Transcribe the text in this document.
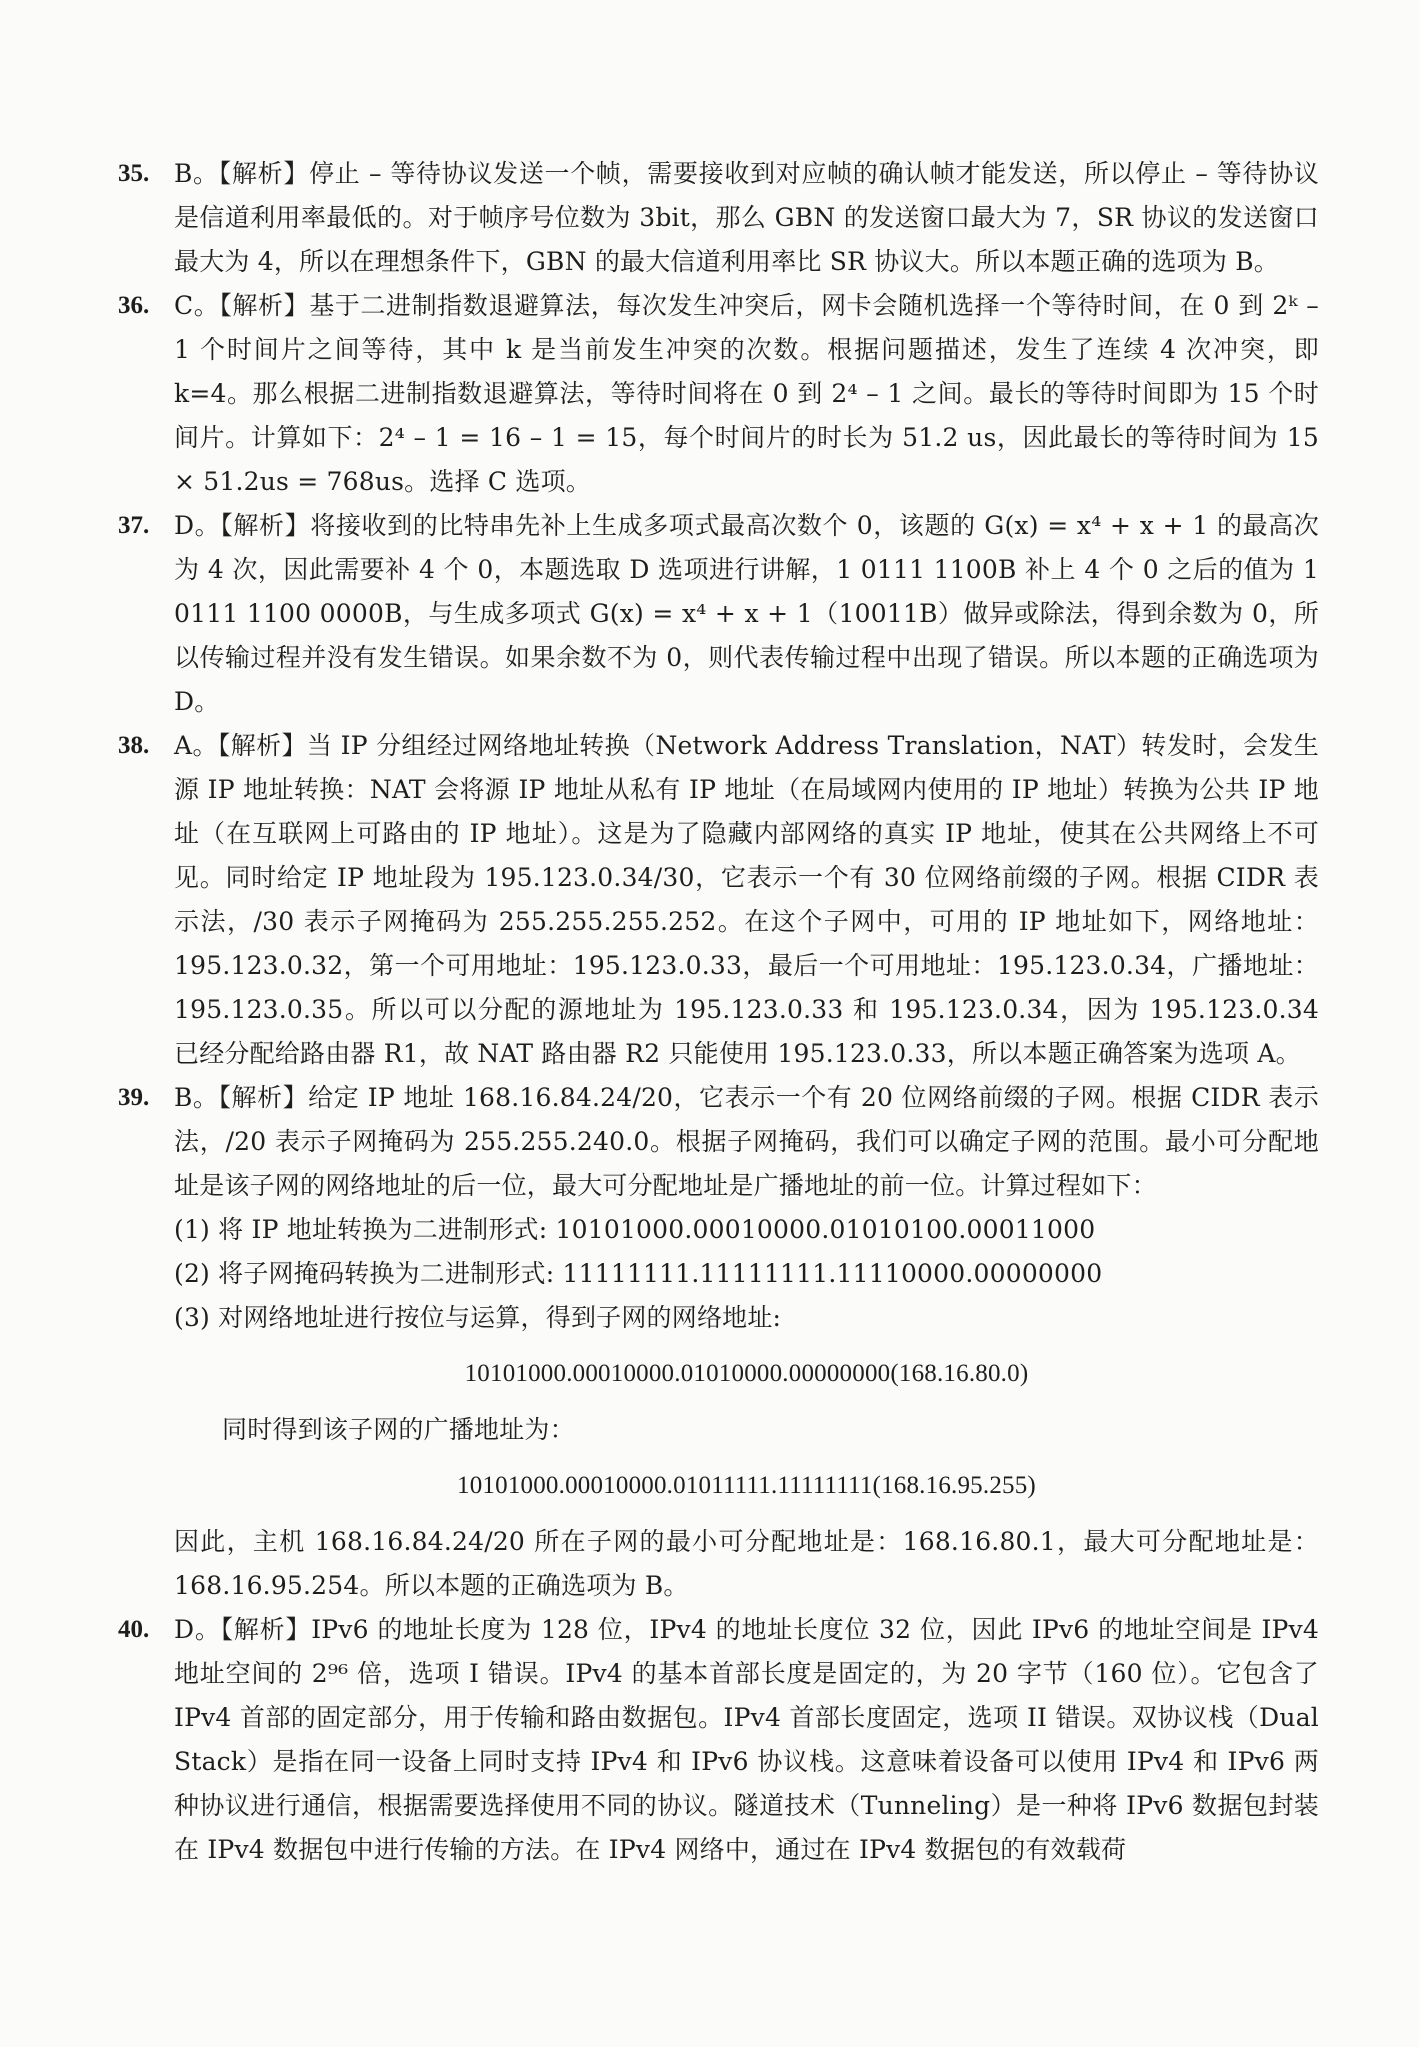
35. B。【解析】停止 – 等待协议发送一个帧，需要接收到对应帧的确认帧才能发送，所以停止 – 等待协议是信道利用率最低的。对于帧序号位数为 3bit，那么 GBN 的发送窗口最大为 7，SR 协议的发送窗口最大为 4，所以在理想条件下，GBN 的最大信道利用率比 SR 协议大。所以本题正确的选项为 B。

36. C。【解析】基于二进制指数退避算法，每次发生冲突后，网卡会随机选择一个等待时间，在 0 到 2ᵏ – 1 个时间片之间等待，其中 k 是当前发生冲突的次数。根据问题描述，发生了连续 4 次冲突，即 k=4。那么根据二进制指数退避算法，等待时间将在 0 到 2⁴ – 1 之间。最长的等待时间即为 15 个时间片。计算如下：2⁴ – 1 = 16 – 1 = 15，每个时间片的时长为 51.2 us，因此最长的等待时间为 15 × 51.2us = 768us。选择 C 选项。

37. D。【解析】将接收到的比特串先补上生成多项式最高次数个 0，该题的 G(x) = x⁴ + x + 1 的最高次为 4 次，因此需要补 4 个 0，本题选取 D 选项进行讲解，1 0111 1100B 补上 4 个 0 之后的值为 1 0111 1100 0000B，与生成多项式 G(x) = x⁴ + x + 1（10011B）做异或除法，得到余数为 0，所以传输过程并没有发生错误。如果余数不为 0，则代表传输过程中出现了错误。所以本题的正确选项为 D。

38. A。【解析】当 IP 分组经过网络地址转换（Network Address Translation，NAT）转发时，会发生源 IP 地址转换：NAT 会将源 IP 地址从私有 IP 地址（在局域网内使用的 IP 地址）转换为公共 IP 地址（在互联网上可路由的 IP 地址）。这是为了隐藏内部网络的真实 IP 地址，使其在公共网络上不可见。同时给定 IP 地址段为 195.123.0.34/30，它表示一个有 30 位网络前缀的子网。根据 CIDR 表示法，/30 表示子网掩码为 255.255.255.252。在这个子网中，可用的 IP 地址如下，网络地址：195.123.0.32，第一个可用地址：195.123.0.33，最后一个可用地址：195.123.0.34，广播地址：195.123.0.35。所以可以分配的源地址为 195.123.0.33 和 195.123.0.34，因为 195.123.0.34 已经分配给路由器 R1，故 NAT 路由器 R2 只能使用 195.123.0.33，所以本题正确答案为选项 A。

39. B。【解析】给定 IP 地址 168.16.84.24/20，它表示一个有 20 位网络前缀的子网。根据 CIDR 表示法，/20 表示子网掩码为 255.255.240.0。根据子网掩码，我们可以确定子网的范围。最小可分配地址是该子网的网络地址的后一位，最大可分配地址是广播地址的前一位。计算过程如下：

(1) 将 IP 地址转换为二进制形式: 10101000.00010000.01010100.00011000

(2) 将子网掩码转换为二进制形式: 11111111.11111111.11110000.00000000

(3) 对网络地址进行按位与运算，得到子网的网络地址:

10101000.00010000.01010000.00000000(168.16.80.0)

同时得到该子网的广播地址为：

10101000.00010000.01011111.11111111(168.16.95.255)

因此，主机 168.16.84.24/20 所在子网的最小可分配地址是：168.16.80.1，最大可分配地址是：168.16.95.254。所以本题的正确选项为 B。

40. D。【解析】IPv6 的地址长度为 128 位，IPv4 的地址长度位 32 位，因此 IPv6 的地址空间是 IPv4 地址空间的 2⁹⁶ 倍，选项 I 错误。IPv4 的基本首部长度是固定的，为 20 字节（160 位）。它包含了 IPv4 首部的固定部分，用于传输和路由数据包。IPv4 首部长度固定，选项 II 错误。双协议栈（Dual Stack）是指在同一设备上同时支持 IPv4 和 IPv6 协议栈。这意味着设备可以使用 IPv4 和 IPv6 两种协议进行通信，根据需要选择使用不同的协议。隧道技术（Tunneling）是一种将 IPv6 数据包封装在 IPv4 数据包中进行传输的方法。在 IPv4 网络中，通过在 IPv4 数据包的有效载荷
